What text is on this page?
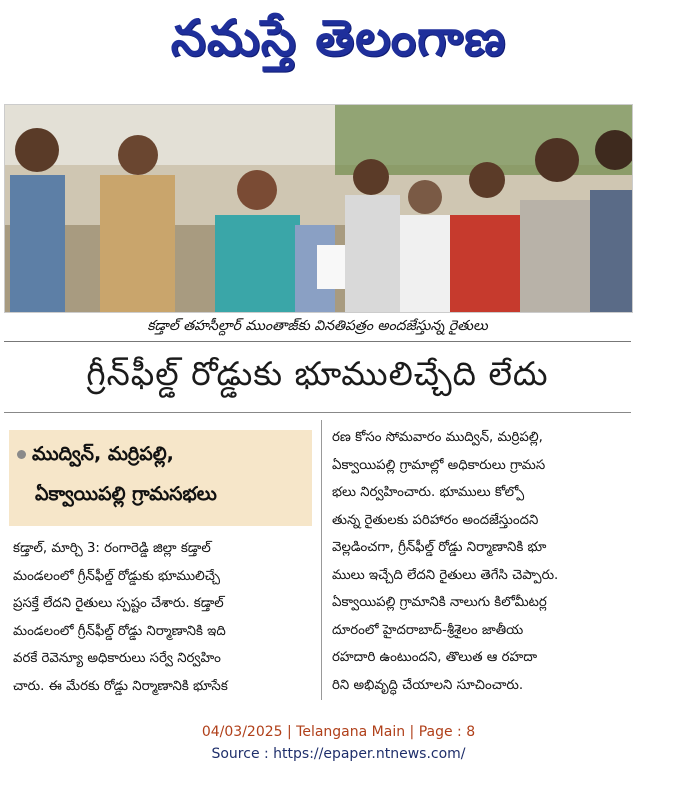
నమస్తే తెలంగాణ
కడ్తాల్ తహసీల్దార్ ముంతాజ్‌కు వినతిపత్రం అందజేస్తున్న రైతులు
గ్రీన్‌ఫీల్డ్ రోడ్డుకు భూములిచ్చేది లేదు
ముద్విన్, మర్రిపల్లి,
ఏక్వాయిపల్లి గ్రామసభలు
కడ్తాల్, మార్చి 3: రంగారెడ్డి జిల్లా కడ్తాల్
మండలంలో గ్రీన్‌ఫీల్డ్ రోడ్డుకు భూములిచ్చే
ప్రసక్తే లేదని రైతులు స్పష్టం చేశారు. కడ్తాల్
మండలంలో గ్రీన్‌ఫీల్డ్ రోడ్డు నిర్మాణానికి ఇది
వరకే రెవెన్యూ అధికారులు సర్వే నిర్వహిం
చారు. ఈ మేరకు రోడ్డు నిర్మాణానికి భూసేక
రణ కోసం సోమవారం ముద్విన్, మర్రిపల్లి,
ఏక్వాయిపల్లి గ్రామాల్లో అధికారులు గ్రామస
భలు నిర్వహించారు. భూములు కోల్పో
తున్న రైతులకు పరిహారం అందజేస్తుందని
వెల్లడించగా, గ్రీన్‌ఫీల్డ్ రోడ్డు నిర్మాణానికి భూ
ములు ఇచ్చేది లేదని రైతులు తెగేసి చెప్పారు.
ఏక్వాయిపల్లి గ్రామానికి నాలుగు కిలోమీటర్ల
దూరంలో హైదరాబాద్-శ్రీశైలం జాతీయ
రహదారి ఉంటుందని, తొలుత ఆ రహదా
రిని అభివృద్ధి చేయాలని సూచించారు.
04/03/2025 | Telangana Main | Page : 8
Source : https://epaper.ntnews.com/
